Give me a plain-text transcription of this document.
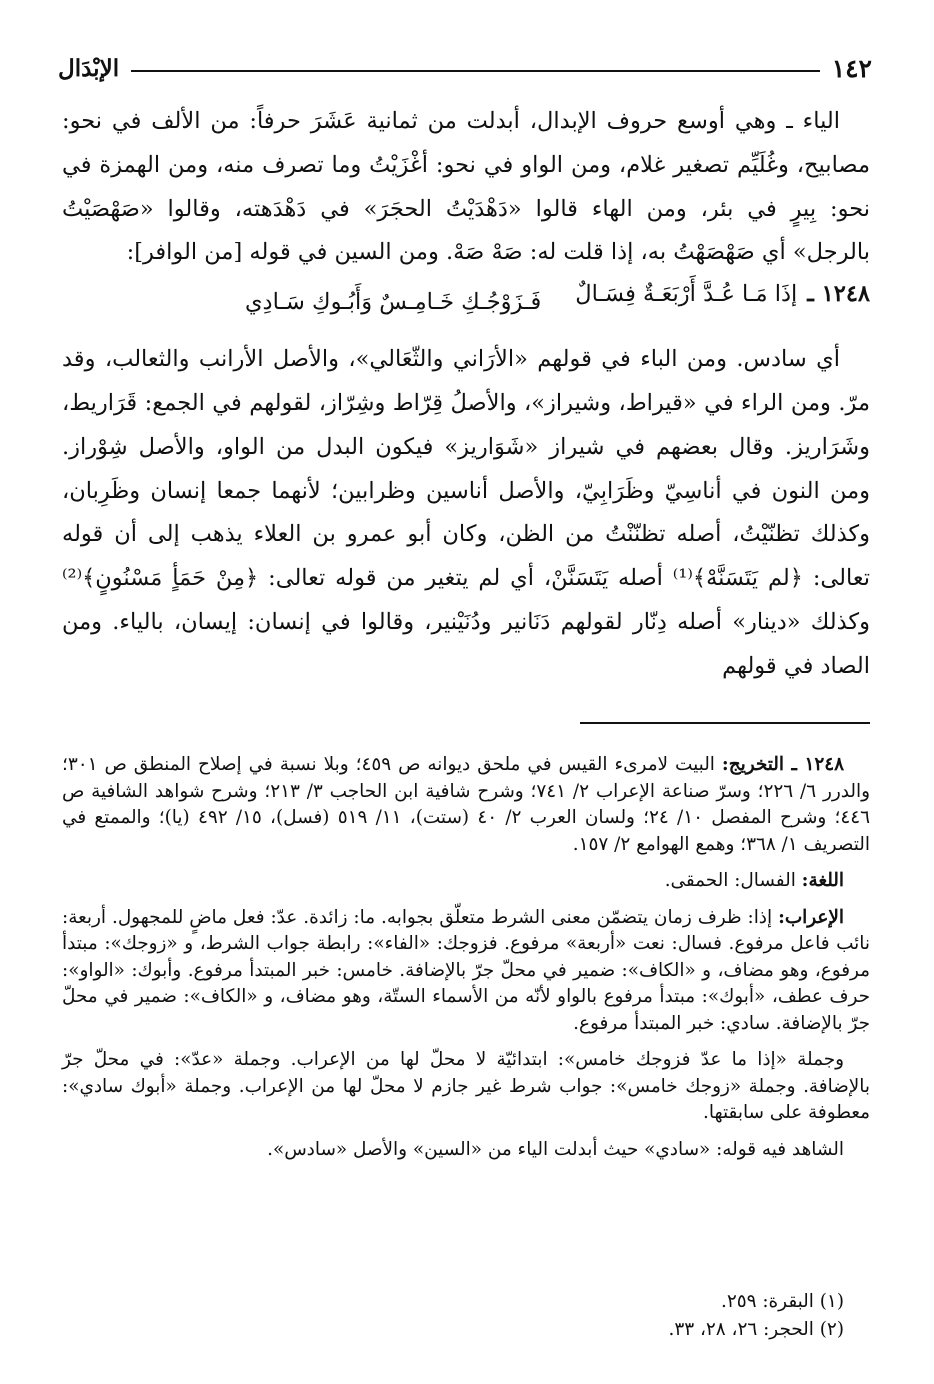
١٤٢
الإبْدَال

الياء ـ وهي أوسع حروف الإبدال، أبدلت من ثمانية عَشَرَ حرفاً: من الألف في نحو: مصابيح، وغُلَيِّم تصغير غلام، ومن الواو في نحو: أغْزَيْتُ وما تصرف منه، ومن الهمزة في نحو: بِيرٍ في بئر، ومن الهاء قالوا «دَهْدَيْتُ الحجَرَ» في دَهْدَهته، وقالوا «صَهْصَيْتُ بالرجل» أي صَهْصَهْتُ به، إذا قلت له: صَهْ صَهْ. ومن السين في قوله [من الوافر]:

١٢٤٨ ـ
إذَا مَـا عُـدَّ أَرْبَعَـةٌ فِسَـالٌ
فَـزَوْجُـكِ خَـامِـسٌ وَأَبُـوكِ سَـادِي

أي سادس. ومن الباء في قولهم «الأرَاني والثّعَالي»، والأصل الأرانب والثعالب، وقد مرّ. ومن الراء في «قيراط، وشيراز»، والأصلُ قِرّاط وشِرّاز، لقولهم في الجمع: قَرَاريط، وشَرَاريز. وقال بعضهم في شيراز «شَوَاريز» فيكون البدل من الواو، والأصل شِوْراز. ومن النون في أناسِيّ وظَرَابِيّ، والأصل أناسين وظرابين؛ لأنهما جمعا إنسان وظَرِبان، وكذلك تظنّيْتُ، أصله تظنّنْتُ من الظن، وكان أبو عمرو بن العلاء يذهب إلى أن قوله تعالى: ﴿لم يَتَسَنَّهْ﴾⁽¹⁾ أصله يَتَسَنَّنْ، أي لم يتغير من قوله تعالى: ﴿مِنْ حَمَأٍ مَسْنُونٍ﴾⁽²⁾ وكذلك «دينار» أصله دِنّار لقولهم دَنَانير ودُنَيْنير، وقالوا في إنسان: إيسان، بالياء. ومن الصاد في قولهم

١٢٤٨ ـ التخريج: البيت لامرىء القيس في ملحق ديوانه ص ٤٥٩؛ وبلا نسبة في إصلاح المنطق ص ٣٠١؛ والدرر ٦/ ٢٢٦؛ وسرّ صناعة الإعراب ٢/ ٧٤١؛ وشرح شافية ابن الحاجب ٣/ ٢١٣؛ وشرح شواهد الشافية ص ٤٤٦؛ وشرح المفصل ١٠/ ٢٤؛ ولسان العرب ٢/ ٤٠ (ستت)، ١١/ ٥١٩ (فسل)، ١٥/ ٤٩٢ (يا)؛ والممتع في التصريف ١/ ٣٦٨؛ وهمع الهوامع ٢/ ١٥٧.

اللغة: الفسال: الحمقى.

الإعراب: إذا: ظرف زمان يتضمّن معنى الشرط متعلّق بجوابه. ما: زائدة. عدّ: فعل ماضٍ للمجهول. أربعة: نائب فاعل مرفوع. فسال: نعت «أربعة» مرفوع. فزوجك: «الفاء»: رابطة جواب الشرط، و «زوجك»: مبتدأ مرفوع، وهو مضاف، و «الكاف»: ضمير في محلّ جرّ بالإضافة. خامس: خبر المبتدأ مرفوع. وأبوك: «الواو»: حرف عطف، «أبوك»: مبتدأ مرفوع بالواو لأنّه من الأسماء الستّة، وهو مضاف، و «الكاف»: ضمير في محلّ جرّ بالإضافة. سادي: خبر المبتدأ مرفوع.

وجملة «إذا ما عدّ فزوجك خامس»: ابتدائيّة لا محلّ لها من الإعراب. وجملة «عدّ»: في محلّ جرّ بالإضافة. وجملة «زوجك خامس»: جواب شرط غير جازم لا محلّ لها من الإعراب. وجملة «أبوك سادي»: معطوفة على سابقتها.

الشاهد فيه قوله: «سادي» حيث أبدلت الياء من «السين» والأصل «سادس».

(١) البقرة: ٢٥٩.
(٢) الحجر: ٢٦، ٢٨، ٣٣.
